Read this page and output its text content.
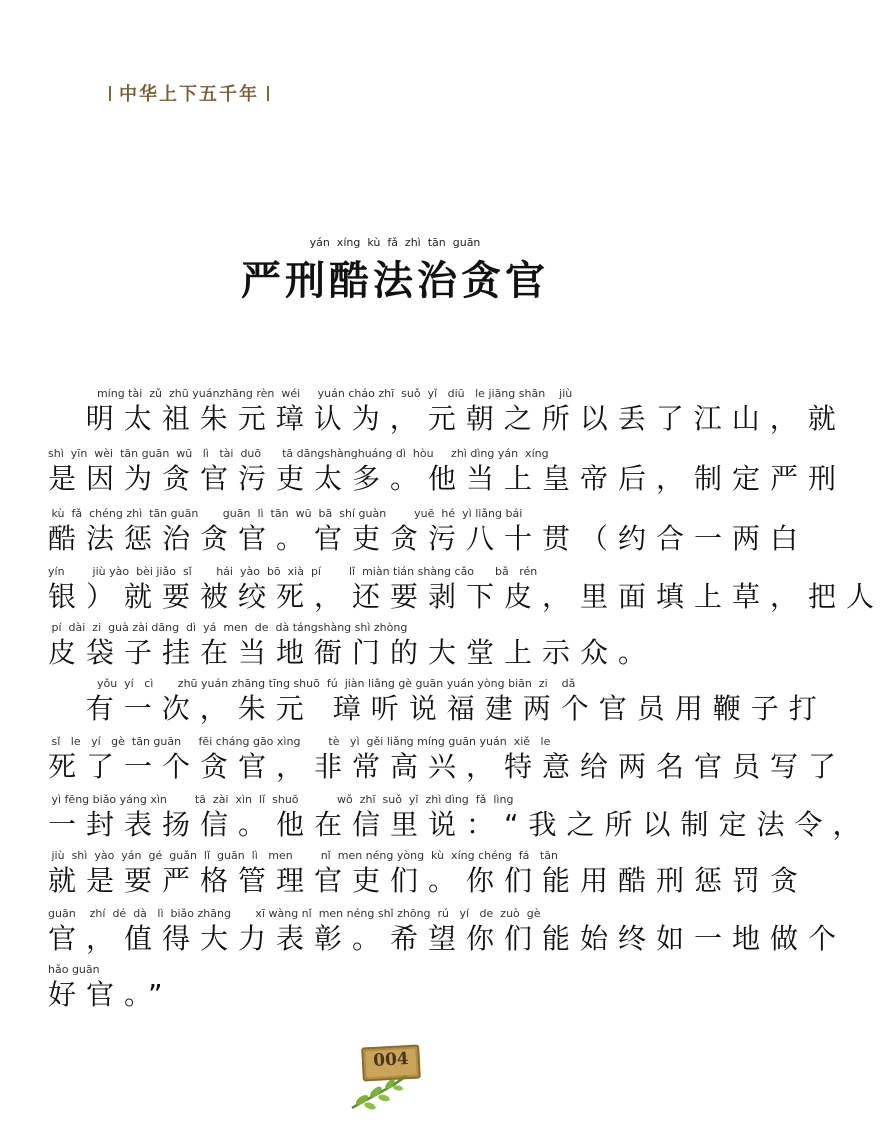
中华上下五千年
yán  xíng  kù  fǎ  zhì  tān  guān
严刑酷法治贪官
míng tài  zǔ  zhū yuánzhāng rèn  wéi     yuán cháo zhī  suǒ  yǐ   diū   le jiāng shān    jiù
明太祖朱元璋认为，元朝之所以丢了江山，就
shì  yīn  wèi  tān guān  wū   lì   tài  duō      tā dāngshànghuáng dì  hòu     zhì dìng yán  xíng
是因为贪官污吏太多。他当上皇帝后，制定严刑
kù  fǎ  chéng zhì  tān guān       guān  lì  tān  wū  bā  shí guàn        yuē  hé  yì liǎng bái
酷法惩治贪官。官吏贪污八十贯（约合一两白
yín        jiù yào  bèi jiǎo  sǐ       hái  yào  bō  xià  pí        lǐ  miàn tián shàng cǎo      bǎ   rén
银）就要被绞死，还要剥下皮，里面填上草，把人
pí  dài  zi  guà zài dāng  dì  yá  men  de  dà tángshàng shì zhòng
皮袋子挂在当地衙门的大堂上示众。
yǒu  yí   cì       zhū yuán zhāng tīng shuō  fú  jiàn liǎng gè guān yuán yòng biān  zi    dǎ
有一次，朱元 璋听说福建两个官员用鞭子打
sǐ   le   yí   gè  tān guān     fēi cháng gāo xìng        tè   yì  gěi liǎng míng guān yuán  xiě   le
死了一个贪官，非常高兴，特意给两名官员写了
yì fēng biǎo yáng xìn        tā  zài  xìn  lǐ  shuō           wǒ  zhī  suǒ  yǐ  zhì dìng  fǎ  lìng
一封表扬信。他在信里说：“我之所以制定法令，
jiù  shì  yào  yán  gé  guǎn  lǐ  guān  lì   men        nǐ  men néng yòng  kù  xíng chéng  fá   tān
就是要严格管理官吏们。你们能用酷刑惩罚贪
guān    zhí  dé  dà   lì  biǎo zhāng       xī wàng nǐ  men néng shǐ zhōng  rú   yí   de  zuò  gè
官，值得大力表彰。希望你们能始终如一地做个
hǎo guān
好官。”
004
